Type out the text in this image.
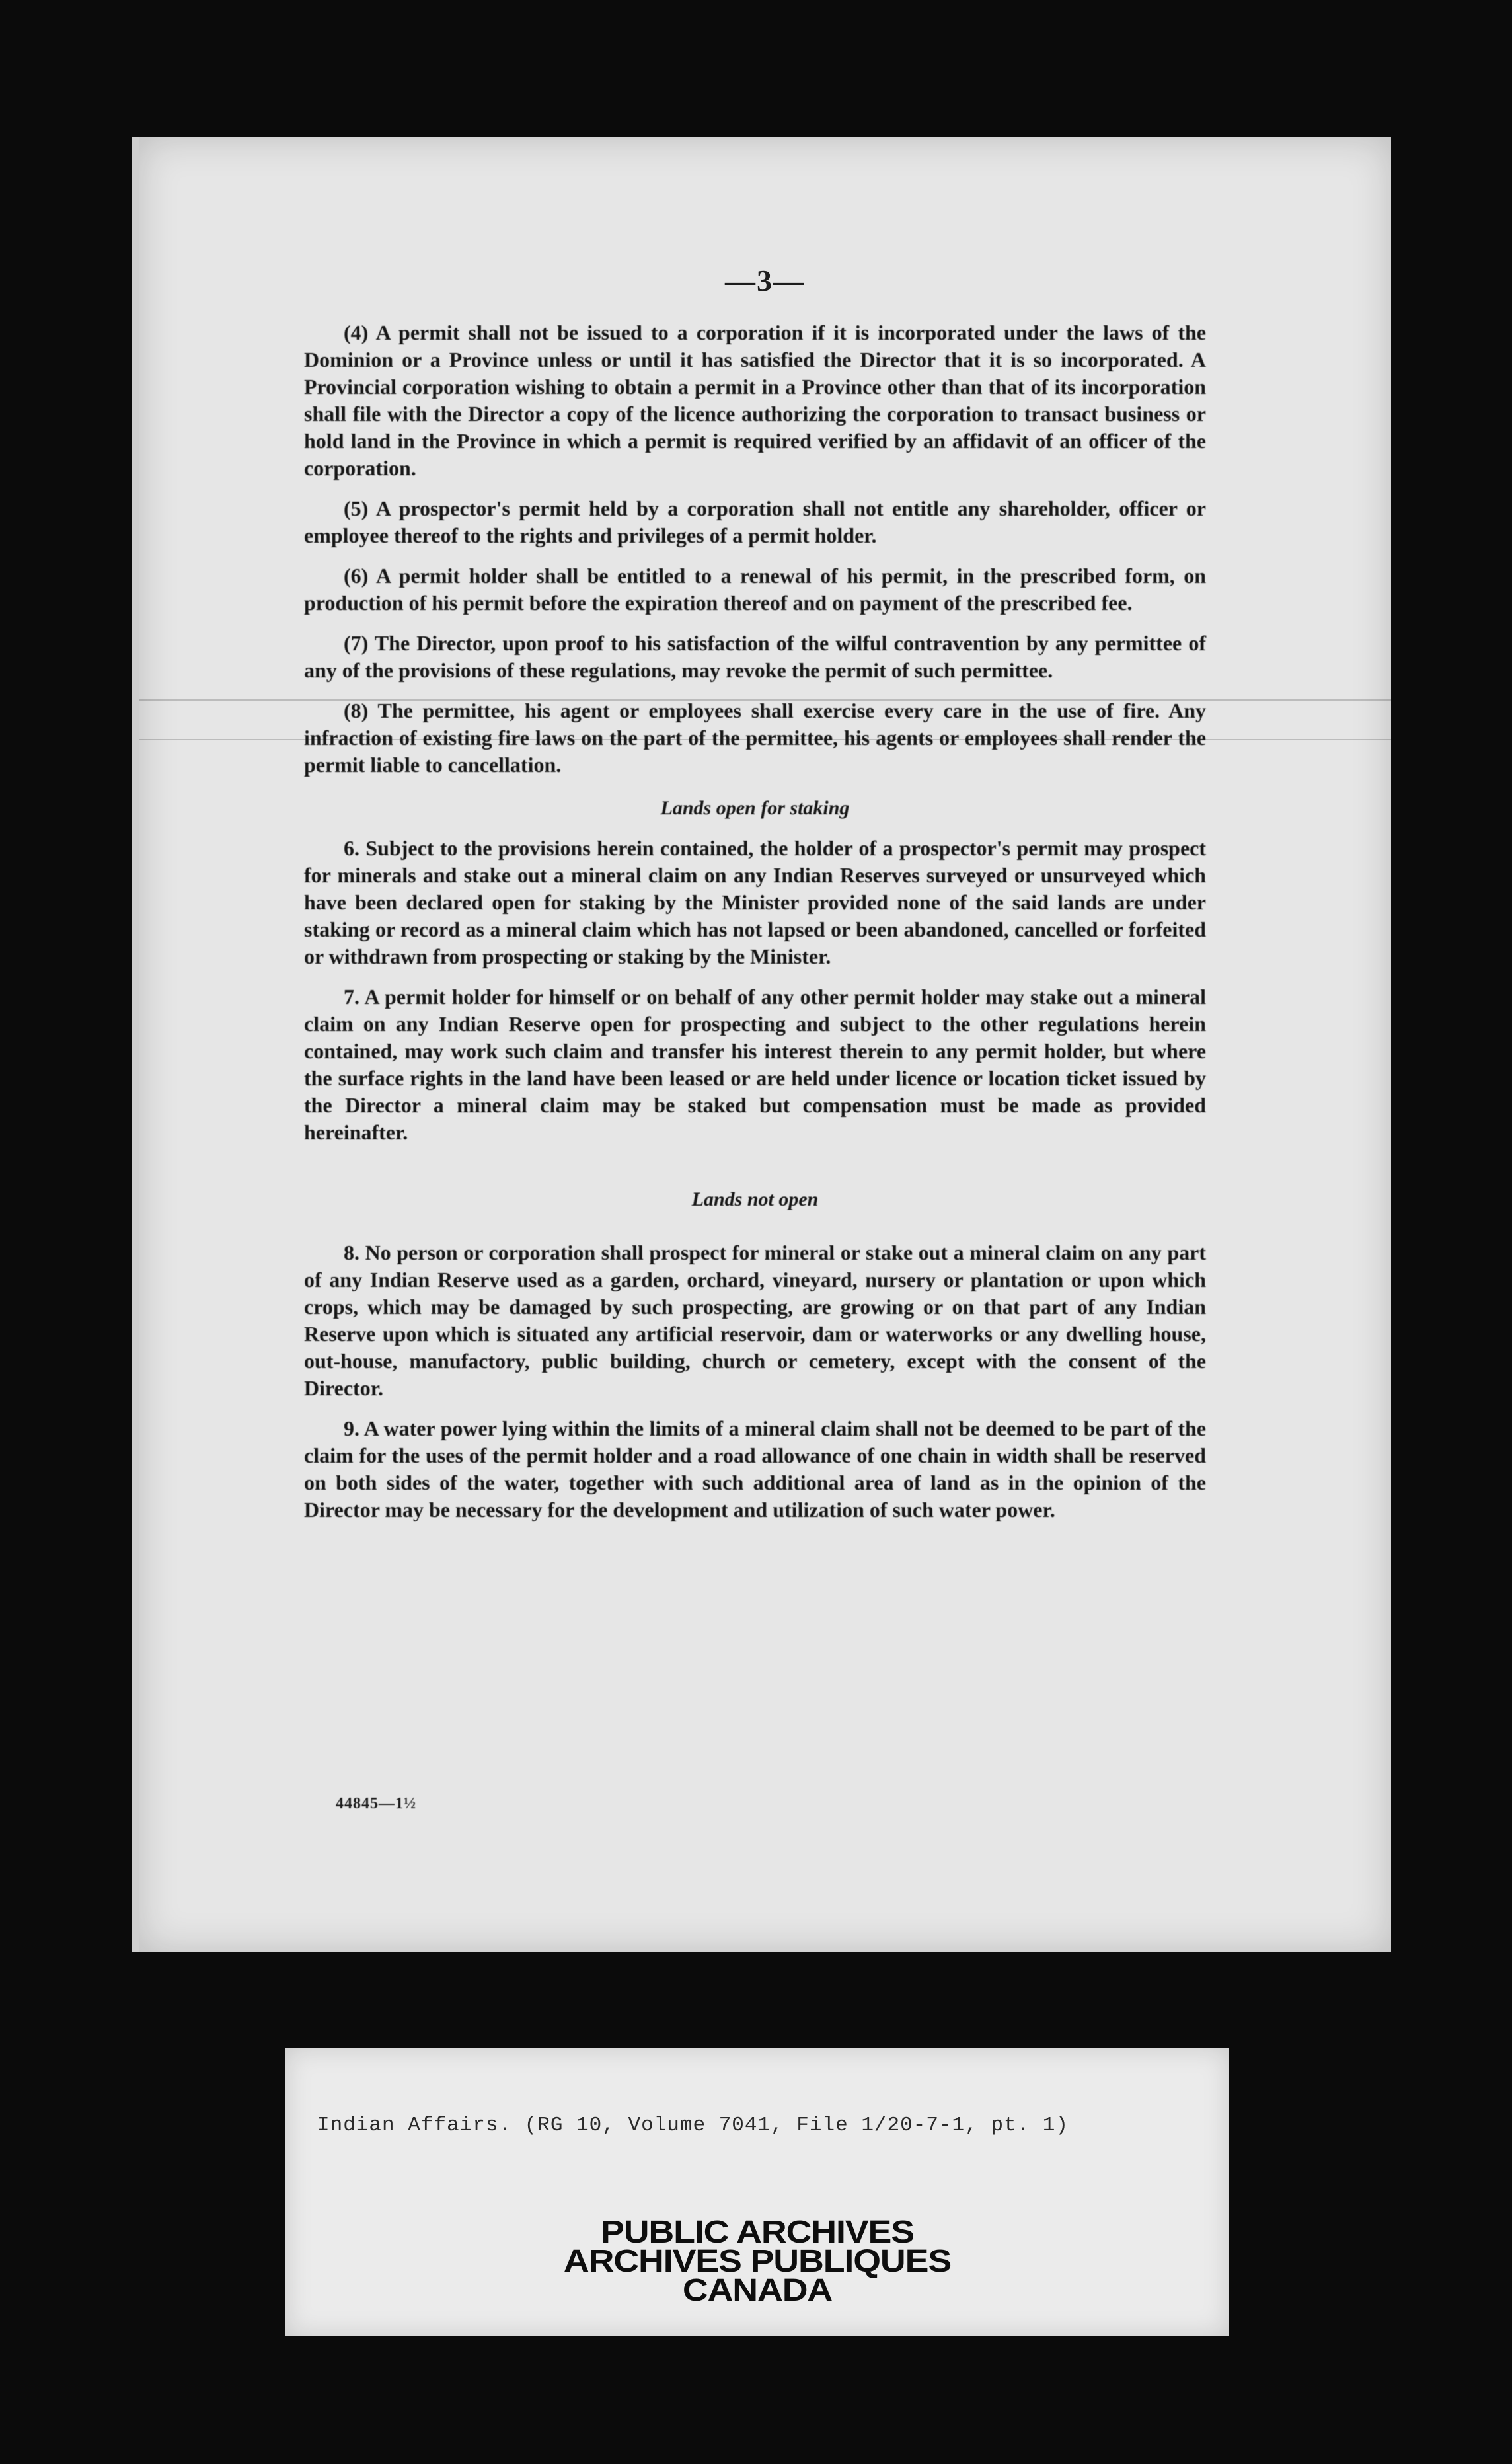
—3—

(4) A permit shall not be issued to a corporation if it is incorporated under the laws of the Dominion or a Province unless or until it has satisfied the Director that it is so incorporated. A Provincial corporation wishing to obtain a permit in a Province other than that of its incorporation shall file with the Director a copy of the licence authorizing the corporation to transact business or hold land in the Province in which a permit is required verified by an affidavit of an officer of the corporation.

(5) A prospector's permit held by a corporation shall not entitle any shareholder, officer or employee thereof to the rights and privileges of a permit holder.

(6) A permit holder shall be entitled to a renewal of his permit, in the prescribed form, on production of his permit before the expiration thereof and on payment of the prescribed fee.

(7) The Director, upon proof to his satisfaction of the wilful contravention by any permittee of any of the provisions of these regulations, may revoke the permit of such permittee.

(8) The permittee, his agent or employees shall exercise every care in the use of fire. Any infraction of existing fire laws on the part of the permittee, his agents or employees shall render the permit liable to cancellation.

Lands open for staking

6. Subject to the provisions herein contained, the holder of a prospector's permit may prospect for minerals and stake out a mineral claim on any Indian Reserves surveyed or unsurveyed which have been declared open for staking by the Minister provided none of the said lands are under staking or record as a mineral claim which has not lapsed or been abandoned, cancelled or forfeited or withdrawn from prospecting or staking by the Minister.

7. A permit holder for himself or on behalf of any other permit holder may stake out a mineral claim on any Indian Reserve open for prospecting and subject to the other regulations herein contained, may work such claim and transfer his interest therein to any permit holder, but where the surface rights in the land have been leased or are held under licence or location ticket issued by the Director a mineral claim may be staked but compensation must be made as provided hereinafter.

Lands not open

8. No person or corporation shall prospect for mineral or stake out a mineral claim on any part of any Indian Reserve used as a garden, orchard, vineyard, nursery or plantation or upon which crops, which may be damaged by such prospecting, are growing or on that part of any Indian Reserve upon which is situated any artificial reservoir, dam or waterworks or any dwelling house, out-house, manufactory, public building, church or cemetery, except with the consent of the Director.

9. A water power lying within the limits of a mineral claim shall not be deemed to be part of the claim for the uses of the permit holder and a road allowance of one chain in width shall be reserved on both sides of the water, together with such additional area of land as in the opinion of the Director may be necessary for the development and utilization of such water power.

44845—1½
Indian Affairs. (RG 10, Volume 7041, File 1/20-7-1, pt. 1)
PUBLIC ARCHIVES
ARCHIVES PUBLIQUES
CANADA
